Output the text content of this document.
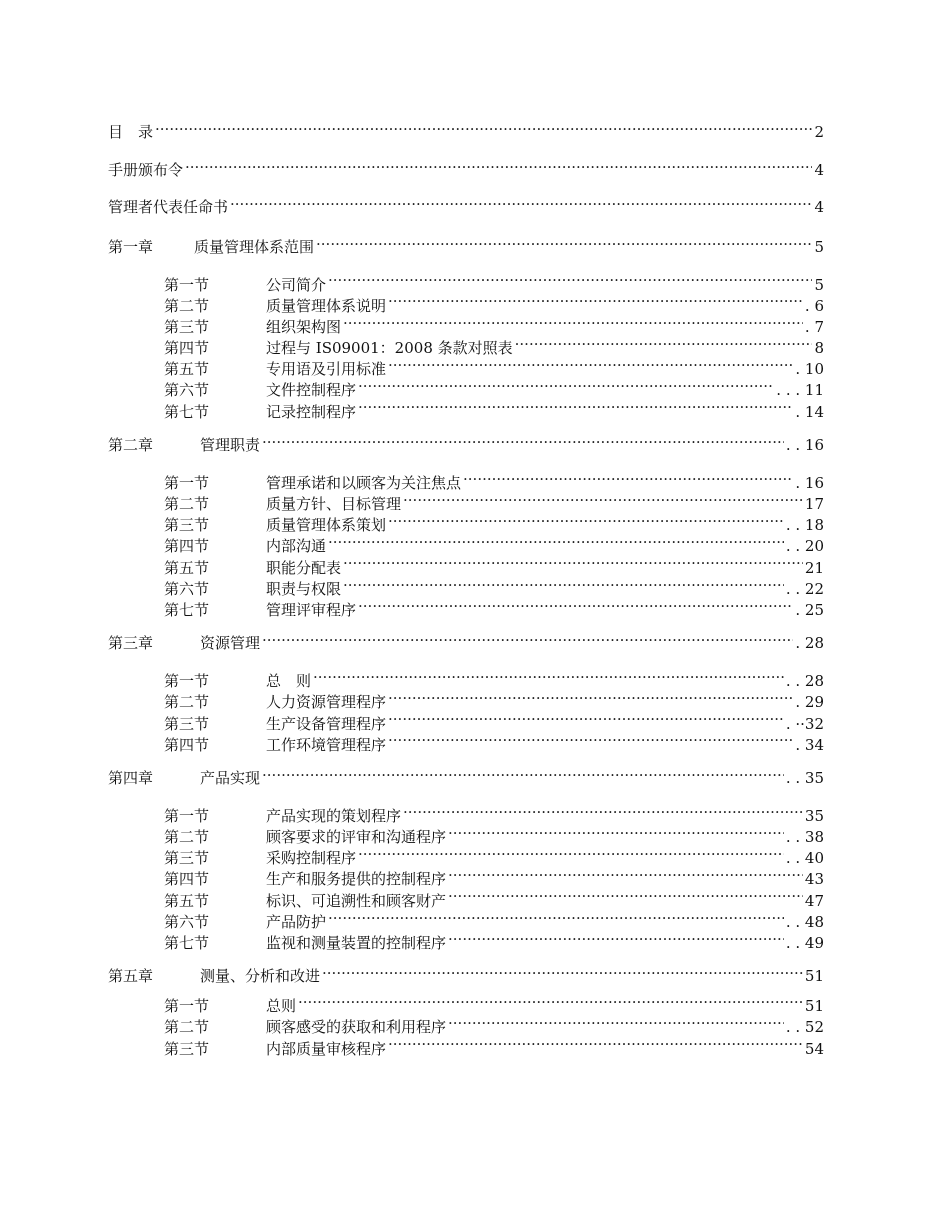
目　录 ·····	2
手册颁布令 ·····	4
管理者代表任命书 ·····	4
第一章	质量管理体系范围 ·····	5
第一节	公司简介 ·····	5
第二节	质量管理体系说明 ·····	. 6
第三节	组织架构图 ·····	. 7
第四节	过程与 IS09001：2008 条款对照表 ·····	8
第五节	专用语及引用标准 ·····	. 10
第六节	文件控制程序 ·····	. . . 11
第七节	记录控制程序 ·····	. 14
第二章	管理职责 ·····	. . 16
第一节	管理承诺和以顾客为关注焦点 ·····	. 16
第二节	质量方针、目标管理 ·····	17
第三节	质量管理体系策划 ·····	. . 18
第四节	内部沟通 ·····	. . 20
第五节	职能分配表 ·····	21
第六节	职责与权限 ·····	. . 22
第七节	管理评审程序 ·····	. 25
第三章	资源管理 ·····	. 28
第一节	总　则 ·····	. . 28
第二节	人力资源管理程序 ·····	. 29
第三节	生产设备管理程序 ·····	. ··32
第四节	工作环境管理程序 ·····	. 34
第四章	产品实现 ·····	. . 35
第一节	产品实现的策划程序 ·····	35
第二节	顾客要求的评审和沟通程序 ·····	. . 38
第三节	采购控制程序 ·····	. . 40
第四节	生产和服务提供的控制程序 ·····	43
第五节	标识、可追溯性和顾客财产 ·····	47
第六节	产品防护 ·····	. . 48
第七节	监视和测量装置的控制程序 ·····	. . 49
第五章	测量、分析和改进 ·····	51
第一节	总则 ·····	51
第二节	顾客感受的获取和利用程序 ·····	. . 52
第三节	内部质量审核程序 ·····	54
